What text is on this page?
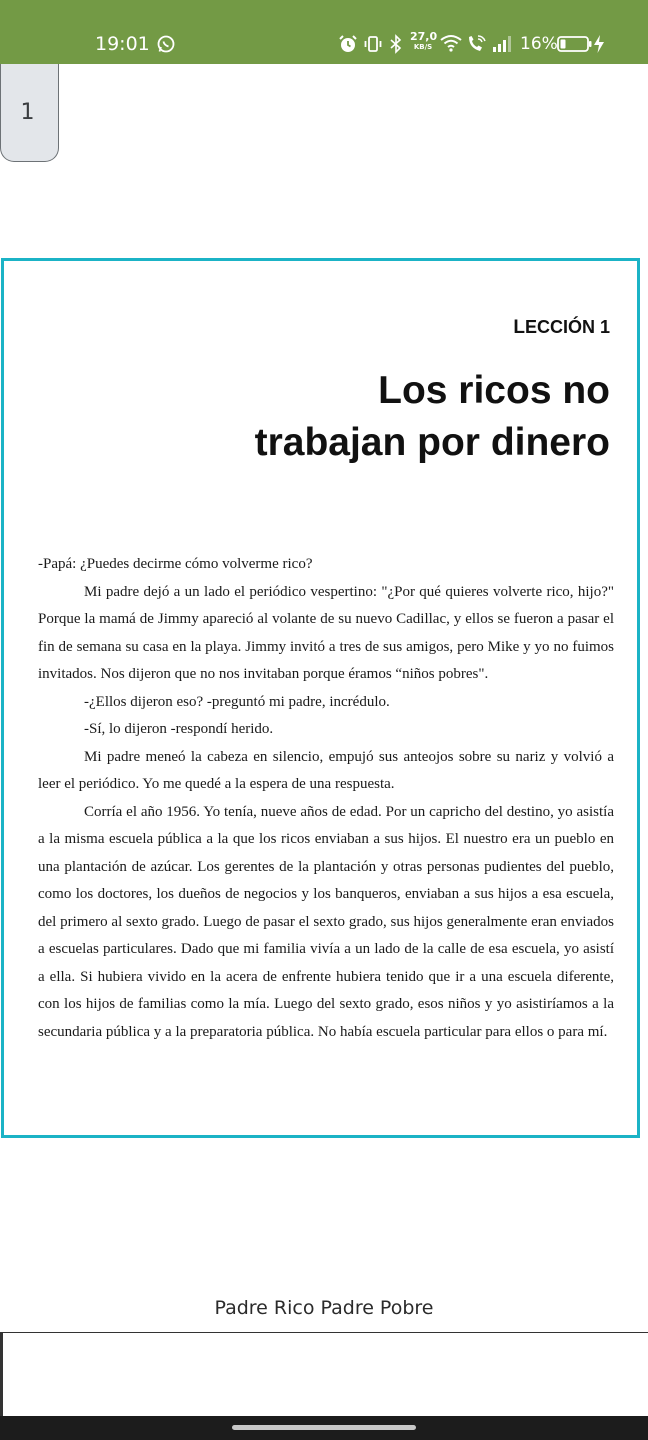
19:01	27,0
KB/S	16%
1
LECCIÓN 1
Los ricos no
trabajan por dinero

-Papá: ¿Puedes decirme cómo volverme rico?

Mi padre dejó a un lado el periódico vespertino: "¿Por qué quieres volverte rico, hijo?" Porque la mamá de Jimmy apareció al volante de su nuevo Cadillac, y ellos se fueron a pasar el fin de semana su casa en la playa. Jimmy invitó a tres de sus amigos, pero Mike y yo no fuimos invitados. Nos dijeron que no nos invitaban porque éramos “niños pobres".

-¿Ellos dijeron eso? -preguntó mi padre, incrédulo.

-Sí, lo dijeron -respondí herido.

Mi padre meneó la cabeza en silencio, empujó sus anteojos sobre su nariz y volvió a leer el periódico. Yo me quedé a la espera de una respuesta.

Corría el año 1956. Yo tenía, nueve años de edad. Por un capricho del destino, yo asistía a la misma escuela pública a la que los ricos enviaban a sus hijos. El nuestro era un pueblo en una plantación de azúcar. Los gerentes de la plantación y otras personas pudientes del pueblo, como los doctores, los dueños de negocios y los banqueros, enviaban a sus hijos a esa escuela, del primero al sexto grado. Luego de pasar el sexto grado, sus hijos generalmente eran enviados a escuelas particulares. Dado que mi familia vivía a un lado de la calle de esa escuela, yo asistí a ella. Si hubiera vivido en la acera de enfrente hubiera tenido que ir a una escuela diferente, con los hijos de familias como la mía. Luego del sexto grado, esos niños y yo asistiríamos a la secundaria pública y a la preparatoria pública. No había escuela particular para ellos o para mí.

Padre Rico Padre Pobre
